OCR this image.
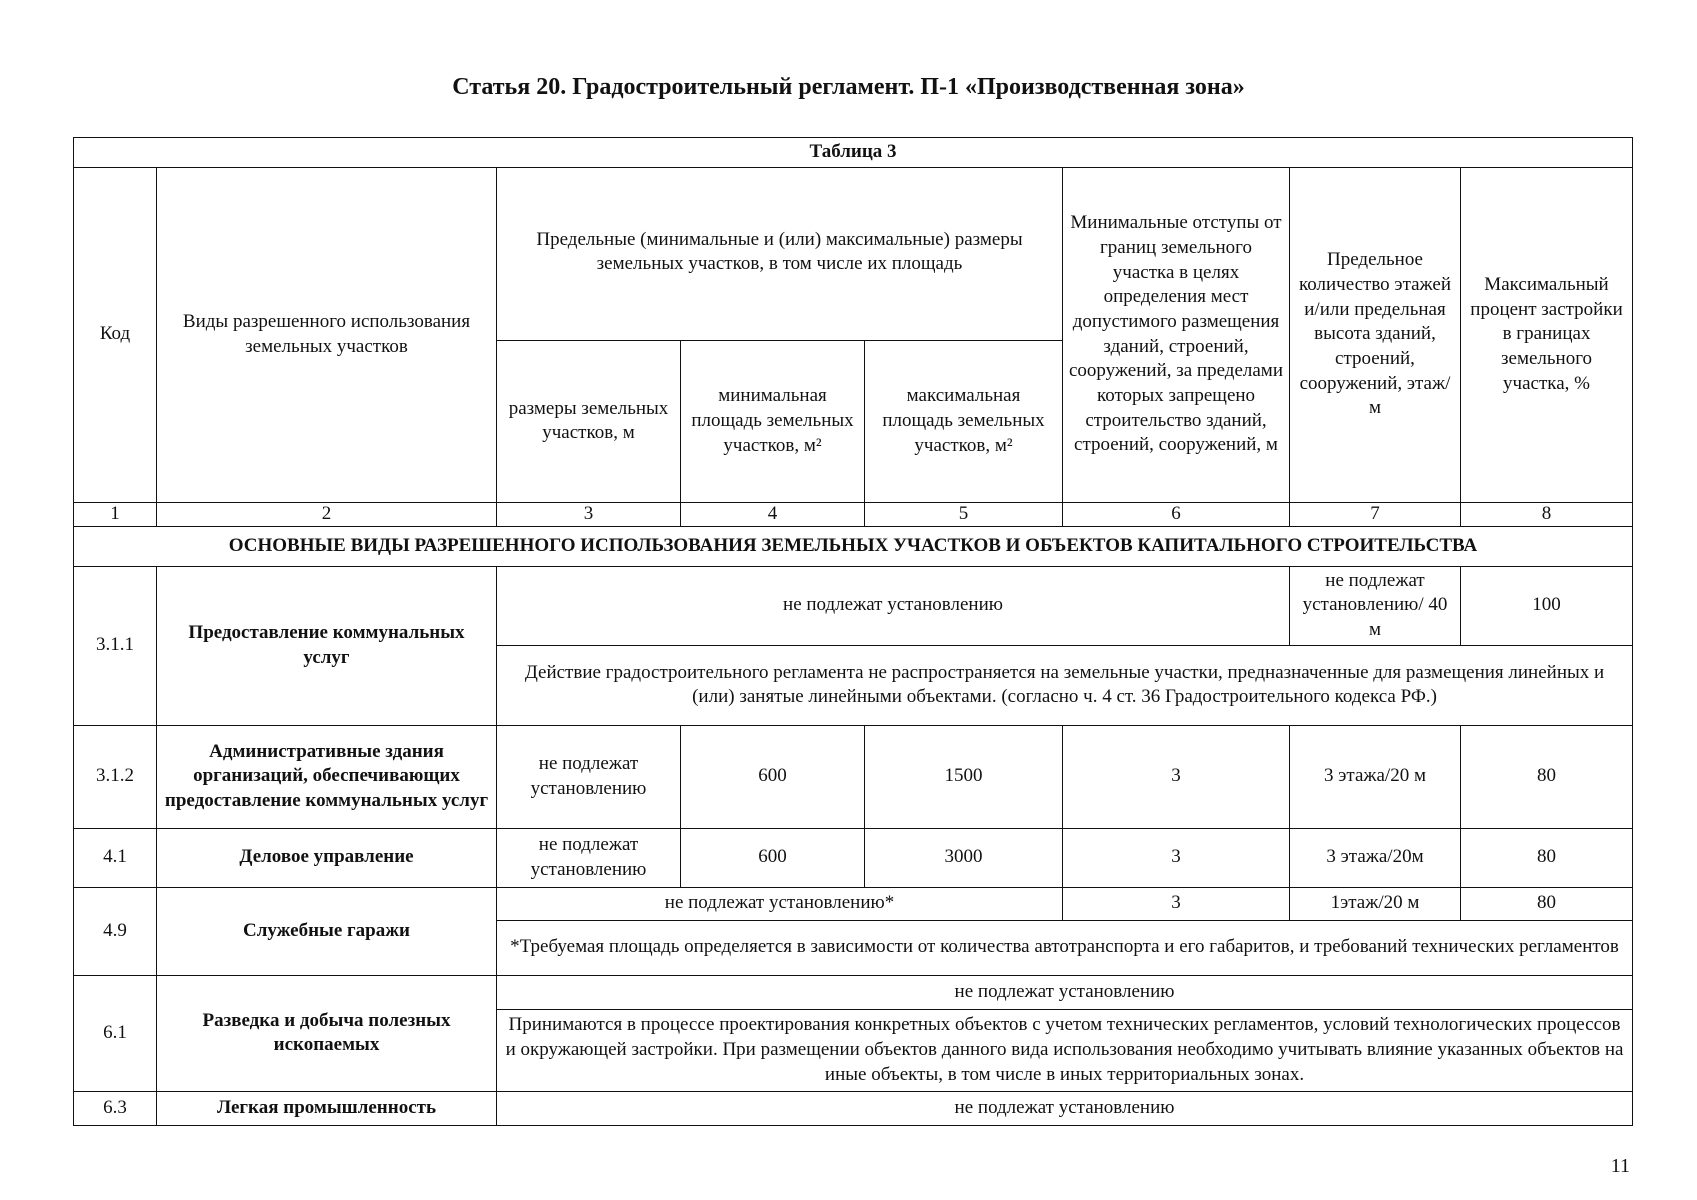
Статья 20. Градостроительный регламент. П-1 «Производственная зона»
Таблица 3							
Код	Виды разрешенного использования земельных участков	Предельные (минимальные и (или) максимальные) размеры земельных участков, в том числе их площадь			Минимальные отступы от границ земельного участка в целях определения мест допустимого размещения зданий, строений, сооружений, за пределами которых запрещено строительство зданий, строений, сооружений, м	Предельное количество этажей и/или предельная высота зданий, строений, сооружений, этаж/м	Максимальный процент застройки в границах земельного участка, %
		размеры земельных участков, м	минимальная площадь земельных участков, м²	максимальная площадь земельных участков, м²			
1	2	3	4	5	6	7	8
ОСНОВНЫЕ ВИДЫ РАЗРЕШЕННОГО ИСПОЛЬЗОВАНИЯ ЗЕМЕЛЬНЫХ УЧАСТКОВ И ОБЪЕКТОВ КАПИТАЛЬНОГО СТРОИТЕЛЬСТВА							
3.1.1	Предоставление коммунальных услуг	не подлежат установлению				не подлежат установлению/ 40 м	100
		Действие градостроительного регламента не распространяется на земельные участки, предназначенные для размещения линейных и (или) занятые линейными объектами. (согласно ч. 4 ст. 36 Градостроительного кодекса РФ.)					
3.1.2	Административные здания организаций, обеспечивающих предоставление коммунальных услуг	не подлежат установлению	600	1500	3	3 этажа/20 м	80
4.1	Деловое управление	не подлежат установлению	600	3000	3	3 этажа/20м	80
4.9	Служебные гаражи	не подлежат установлению*			3	1этаж/20 м	80
		*Требуемая площадь определяется в зависимости от количества автотранспорта и его габаритов, и требований технических регламентов					
6.1	Разведка и добыча полезных ископаемых	не подлежат установлению					
		Принимаются в процессе проектирования конкретных объектов с учетом технических регламентов, условий технологических процессов и окружающей застройки. При размещении объектов данного вида использования необходимо учитывать влияние указанных объектов на иные объекты, в том числе в иных территориальных зонах.					
6.3	Легкая промышленность	не подлежат установлению					
11
